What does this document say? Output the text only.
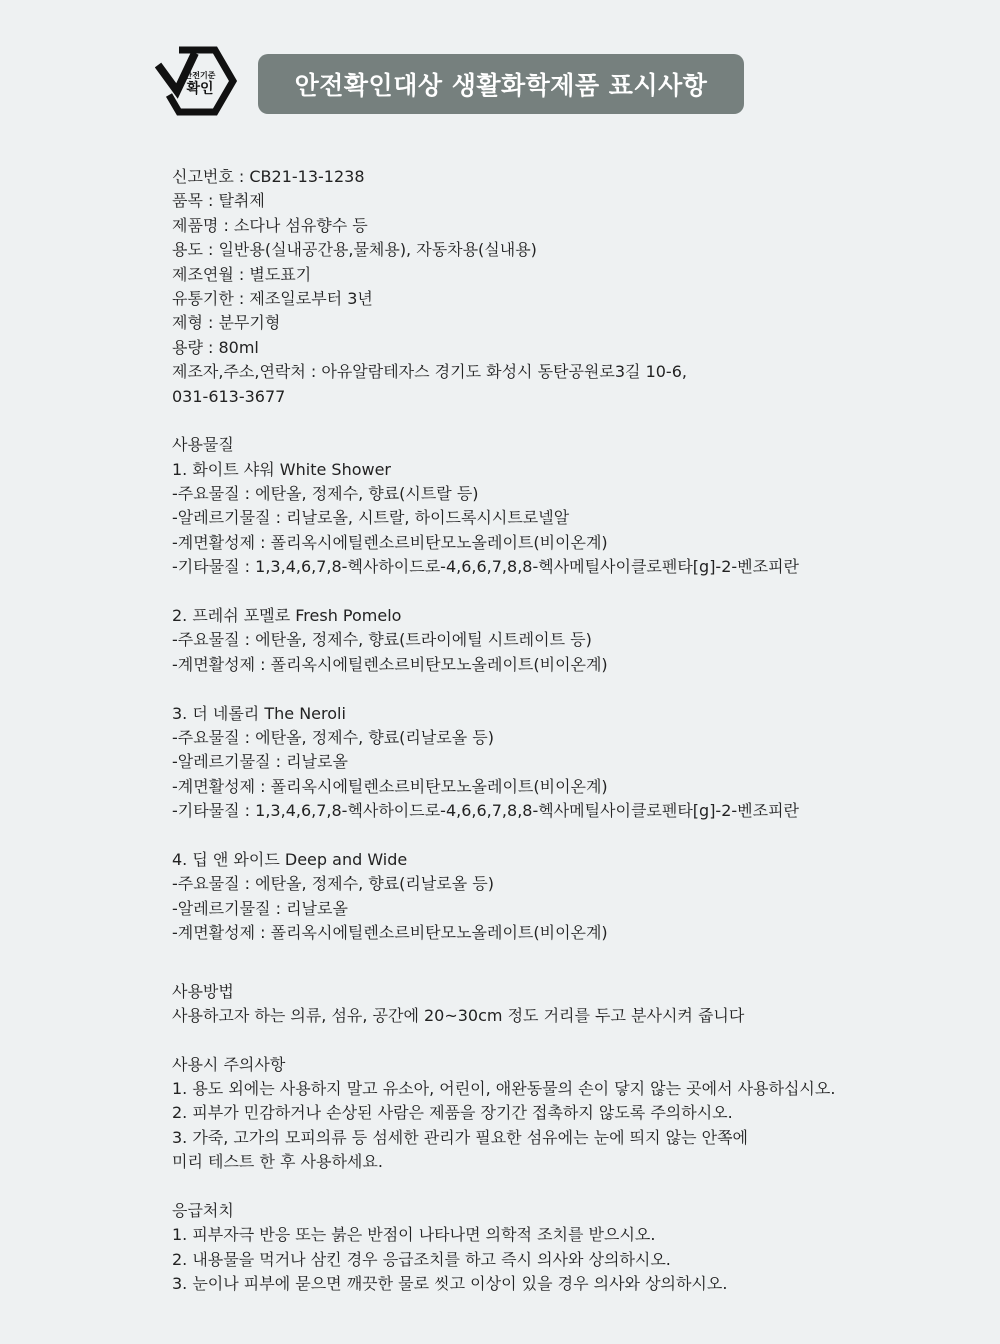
안전기준
확인	안전확인대상 생활화학제품 표시사항
신고번호 : CB21-13-1238
품목 : 탈취제
제품명 : 소다나 섬유향수 등
용도 : 일반용(실내공간용,물체용), 자동차용(실내용)
제조연월 : 별도표기
유통기한 : 제조일로부터 3년
제형 : 분무기형
용량 : 80ml
제조자,주소,연락처 : 아유알람테자스 경기도 화성시 동탄공원로3길 10-6,
031-613-3677
사용물질
1. 화이트 샤워 White Shower
-주요물질 : 에탄올, 정제수, 향료(시트랄 등)
-알레르기물질 : 리날로올, 시트랄, 하이드록시시트로넬알
-계면활성제 : 폴리옥시에틸렌소르비탄모노올레이트(비이온계)
-기타물질 : 1,3,4,6,7,8-헥사하이드로-4,6,6,7,8,8-헥사메틸사이클로펜타[g]-2-벤조피란
2. 프레쉬 포멜로 Fresh Pomelo
-주요물질 : 에탄올, 정제수, 향료(트라이에틸 시트레이트 등)
-계면활성제 : 폴리옥시에틸렌소르비탄모노올레이트(비이온계)
3. 더 네롤리 The Neroli
-주요물질 : 에탄올, 정제수, 향료(리날로올 등)
-알레르기물질 : 리날로올
-계면활성제 : 폴리옥시에틸렌소르비탄모노올레이트(비이온계)
-기타물질 : 1,3,4,6,7,8-헥사하이드로-4,6,6,7,8,8-헥사메틸사이클로펜타[g]-2-벤조피란
4. 딥 앤 와이드 Deep and Wide
-주요물질 : 에탄올, 정제수, 향료(리날로올 등)
-알레르기물질 : 리날로올
-계면활성제 : 폴리옥시에틸렌소르비탄모노올레이트(비이온계)
사용방법
사용하고자 하는 의류, 섬유, 공간에 20~30cm 정도 거리를 두고 분사시켜 줍니다
사용시 주의사항
1. 용도 외에는 사용하지 말고 유소아, 어린이, 애완동물의 손이 닿지 않는 곳에서 사용하십시오.
2. 피부가 민감하거나 손상된 사람은 제품을 장기간 접촉하지 않도록 주의하시오.
3. 가죽, 고가의 모피의류 등 섬세한 관리가 필요한 섬유에는 눈에 띄지 않는 안쪽에
미리 테스트 한 후 사용하세요.
응급처치
1. 피부자극 반응 또는 붉은 반점이 나타나면 의학적 조치를 받으시오.
2. 내용물을 먹거나 삼킨 경우 응급조치를 하고 즉시 의사와 상의하시오.
3. 눈이나 피부에 묻으면 깨끗한 물로 씻고 이상이 있을 경우 의사와 상의하시오.
